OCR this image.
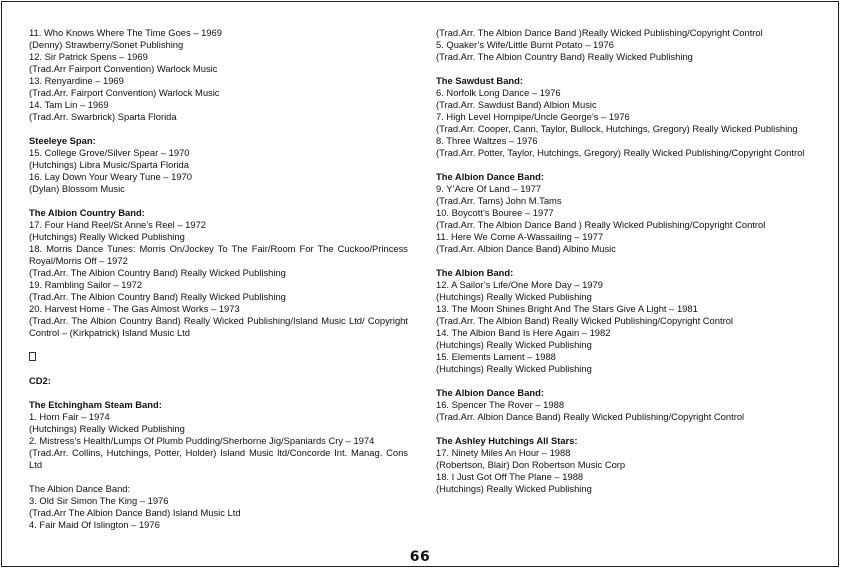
11. Who Knows Where The Time Goes – 1969
(Denny) Strawberry/Sonet Publishing
12. Sir Patrick Spens – 1969
(Trad.Arr Fairport Convention) Warlock Music
13. Renyardine – 1969
(Trad.Arr. Fairport Convention) Warlock Music
14. Tam Lin – 1969
(Trad.Arr. Swarbrick) Sparta Florida
Steeleye Span:
15. College Grove/Silver Spear – 1970
(Hutchings) Libra Music/Sparta Florida
16. Lay Down Your Weary Tune – 1970
(Dylan) Blossom Music
The Albion Country Band:
17. Four Hand Reel/St Anne’s Reel – 1972
(Hutchings) Really Wicked Publishing
18. Morris Dance Tunes: Morris On/Jockey To The Fair/Room For The Cuckoo/Princess Royal/Morris Off – 1972
(Trad.Arr. The Albion Country Band) Really Wicked Publishing
19. Rambling Sailor – 1972
(Trad.Arr. The Albion Country Band) Really Wicked Publishing
20. Harvest Home - The Gas Almost Works – 1973
(Trad.Arr. The Albion Country Band) Really Wicked Publishing/Island Music Ltd/ Copyright Control – (Kirkpatrick) Island Music Ltd
CD2:
The Etchingham Steam Band:
1. Horn Fair – 1974
(Hutchings) Really Wicked Publishing
2. Mistress’s Health/Lumps Of Plumb Pudding/Sherborne Jig/Spaniards Cry – 1974
(Trad.Arr. Collins, Hutchings, Potter, Holder) Island Music ltd/Concorde Int. Manag. Cons Ltd
The Albion Dance Band:
3. Old Sir Simon The King – 1976
(Trad.Arr The Albion Dance Band) Island Music Ltd
4. Fair Maid Of Islington – 1976
(Trad.Arr. The Albion Dance Band )Really Wicked Publishing/Copyright Control
5. Quaker’s Wife/Little Burnt Potato – 1976
(Trad.Arr. The Albion Country Band) Really Wicked Publishing
The Sawdust Band:
6. Norfolk Long Dance – 1976
(Trad.Arr. Sawdust Band) Albion Music
7. High Level Hornpipe/Uncle George’s – 1976
(Trad.Arr. Cooper, Cann, Taylor, Bullock, Hutchings, Gregory) Really Wicked Publishing
8. Three Waltzes – 1976
(Trad.Arr. Potter, Taylor, Hutchings, Gregory) Really Wicked Publishing/Copyright Control
The Albion Dance Band:
9. Y’Acre Of Land – 1977
(Trad.Arr. Tams) John M.Tams
10. Boycott’s Bouree – 1977
(Trad.Arr. The Albion Dance Band ) Really Wicked Publishing/Copyright Control
11. Here We Come A-Wassailing – 1977
(Trad.Arr. Albion Dance Band) Albino Music
The Albion Band:
12. A Sailor’s Life/One More Day – 1979
(Hutchings) Really Wicked Publishing
13. The Moon Shines Bright And The Stars Give A Light – 1981
(Trad.Arr. The Albion Band) Really Wicked Publishing/Copyright Control
14. The Albion Band Is Here Again – 1982
(Hutchings) Really Wicked Publishing
15. Elements Lament – 1988
(Hutchings) Really Wicked Publishing
The Albion Dance Band:
16. Spencer The Rover – 1988
(Trad.Arr. Albion Dance Band) Really Wicked Publishing/Copyright Control
The Ashley Hutchings All Stars:
17. Ninety Miles An Hour – 1988
(Robertson, Blair) Don Robertson Music Corp
18. I Just Got Off The Plane – 1988
(Hutchings) Really Wicked Publishing
66
